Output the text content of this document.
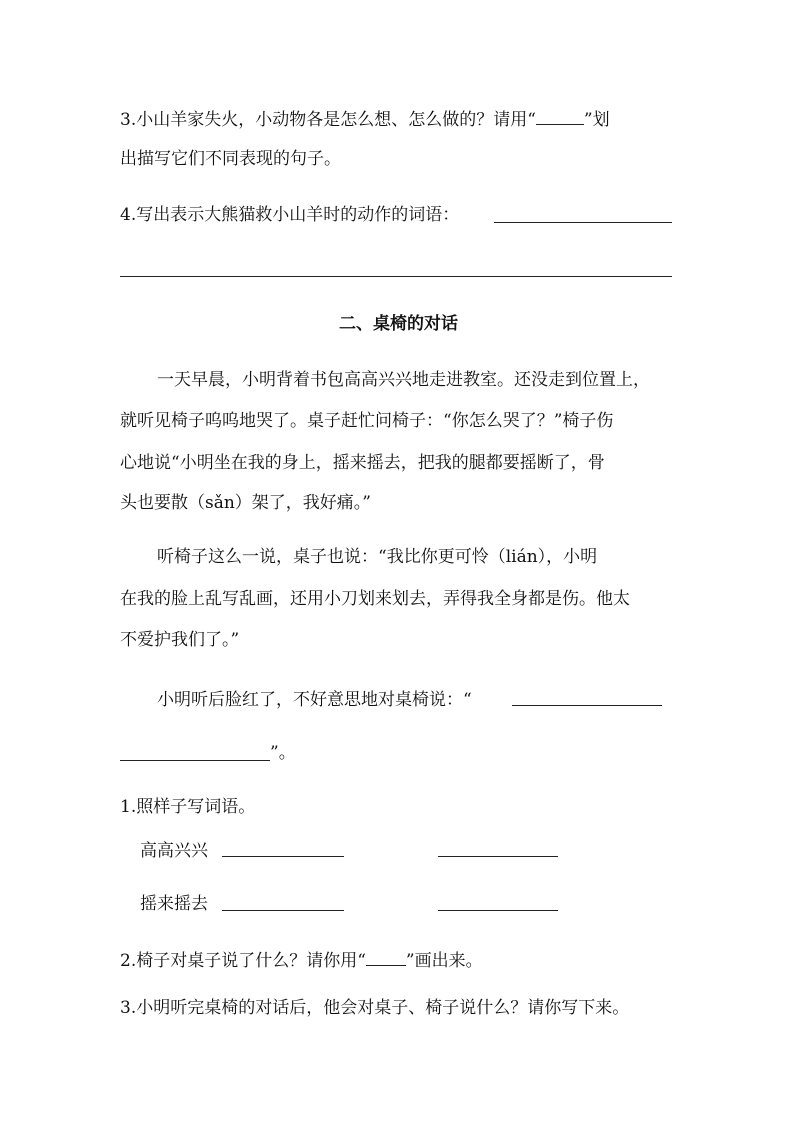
3.小山羊家失火，小动物各是怎么想、怎么做的？请用“	”划
出描写它们不同表现的句子。
4.写出表示大熊猫救小山羊时的动作的词语：
二、桌椅的对话
一天早晨，小明背着书包高高兴兴地走进教室。还没走到位置上，
就听见椅子呜呜地哭了。桌子赶忙问椅子：“你怎么哭了？”椅子伤
心地说“小明坐在我的身上，摇来摇去，把我的腿都要摇断了，骨
头也要散（sǎn）架了，我好痛。”
听椅子这么一说，桌子也说：“我比你更可怜（lián），小明
在我的脸上乱写乱画，还用小刀划来划去，弄得我全身都是伤。他太
不爱护我们了。”
小明听后脸红了，不好意思地对桌椅说：“
”。
1.照样子写词语。
高高兴兴
摇来摇去
2.椅子对桌子说了什么？请你用“ ”画出来。
3.小明听完桌椅的对话后，他会对桌子、椅子说什么？请你写下来。
